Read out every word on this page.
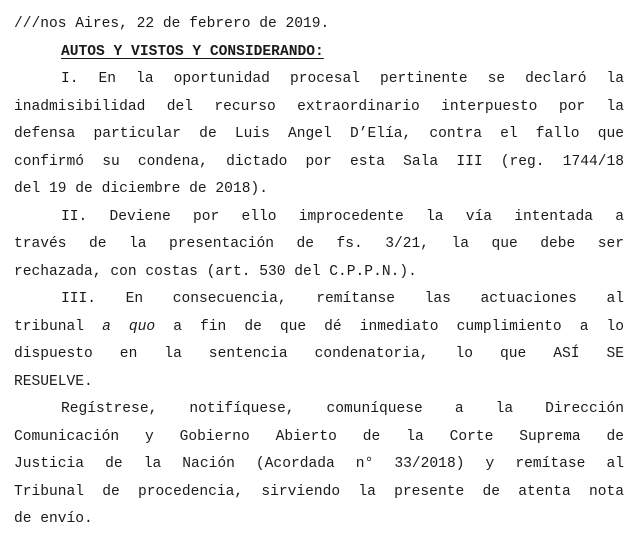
///nos Aires, 22 de febrero de 2019.
AUTOS Y VISTOS Y CONSIDERANDO:
I. En la oportunidad procesal pertinente se declaró la
inadmisibilidad del recurso extraordinario interpuesto por la
defensa particular de Luis Angel D’Elía, contra el fallo que
confirmó su condena, dictado por esta Sala III (reg. 1744/18
del 19 de diciembre de 2018).
II. Deviene por ello improcedente la vía intentada a
través de la presentación de fs. 3/21, la que debe ser
rechazada, con costas (art. 530 del C.P.P.N.).
III. En consecuencia, remítanse las actuaciones al
tribunal a quo a fin de que dé inmediato cumplimiento a lo
dispuesto en la sentencia condenatoria, lo que ASÍ SE
RESUELVE.
Regístrese, notifíquese, comuníquese a la Dirección
Comunicación y Gobierno Abierto de la Corte Suprema de
Justicia de la Nación (Acordada n° 33/2018) y remítase al
Tribunal de procedencia, sirviendo la presente de atenta nota
de envío.
